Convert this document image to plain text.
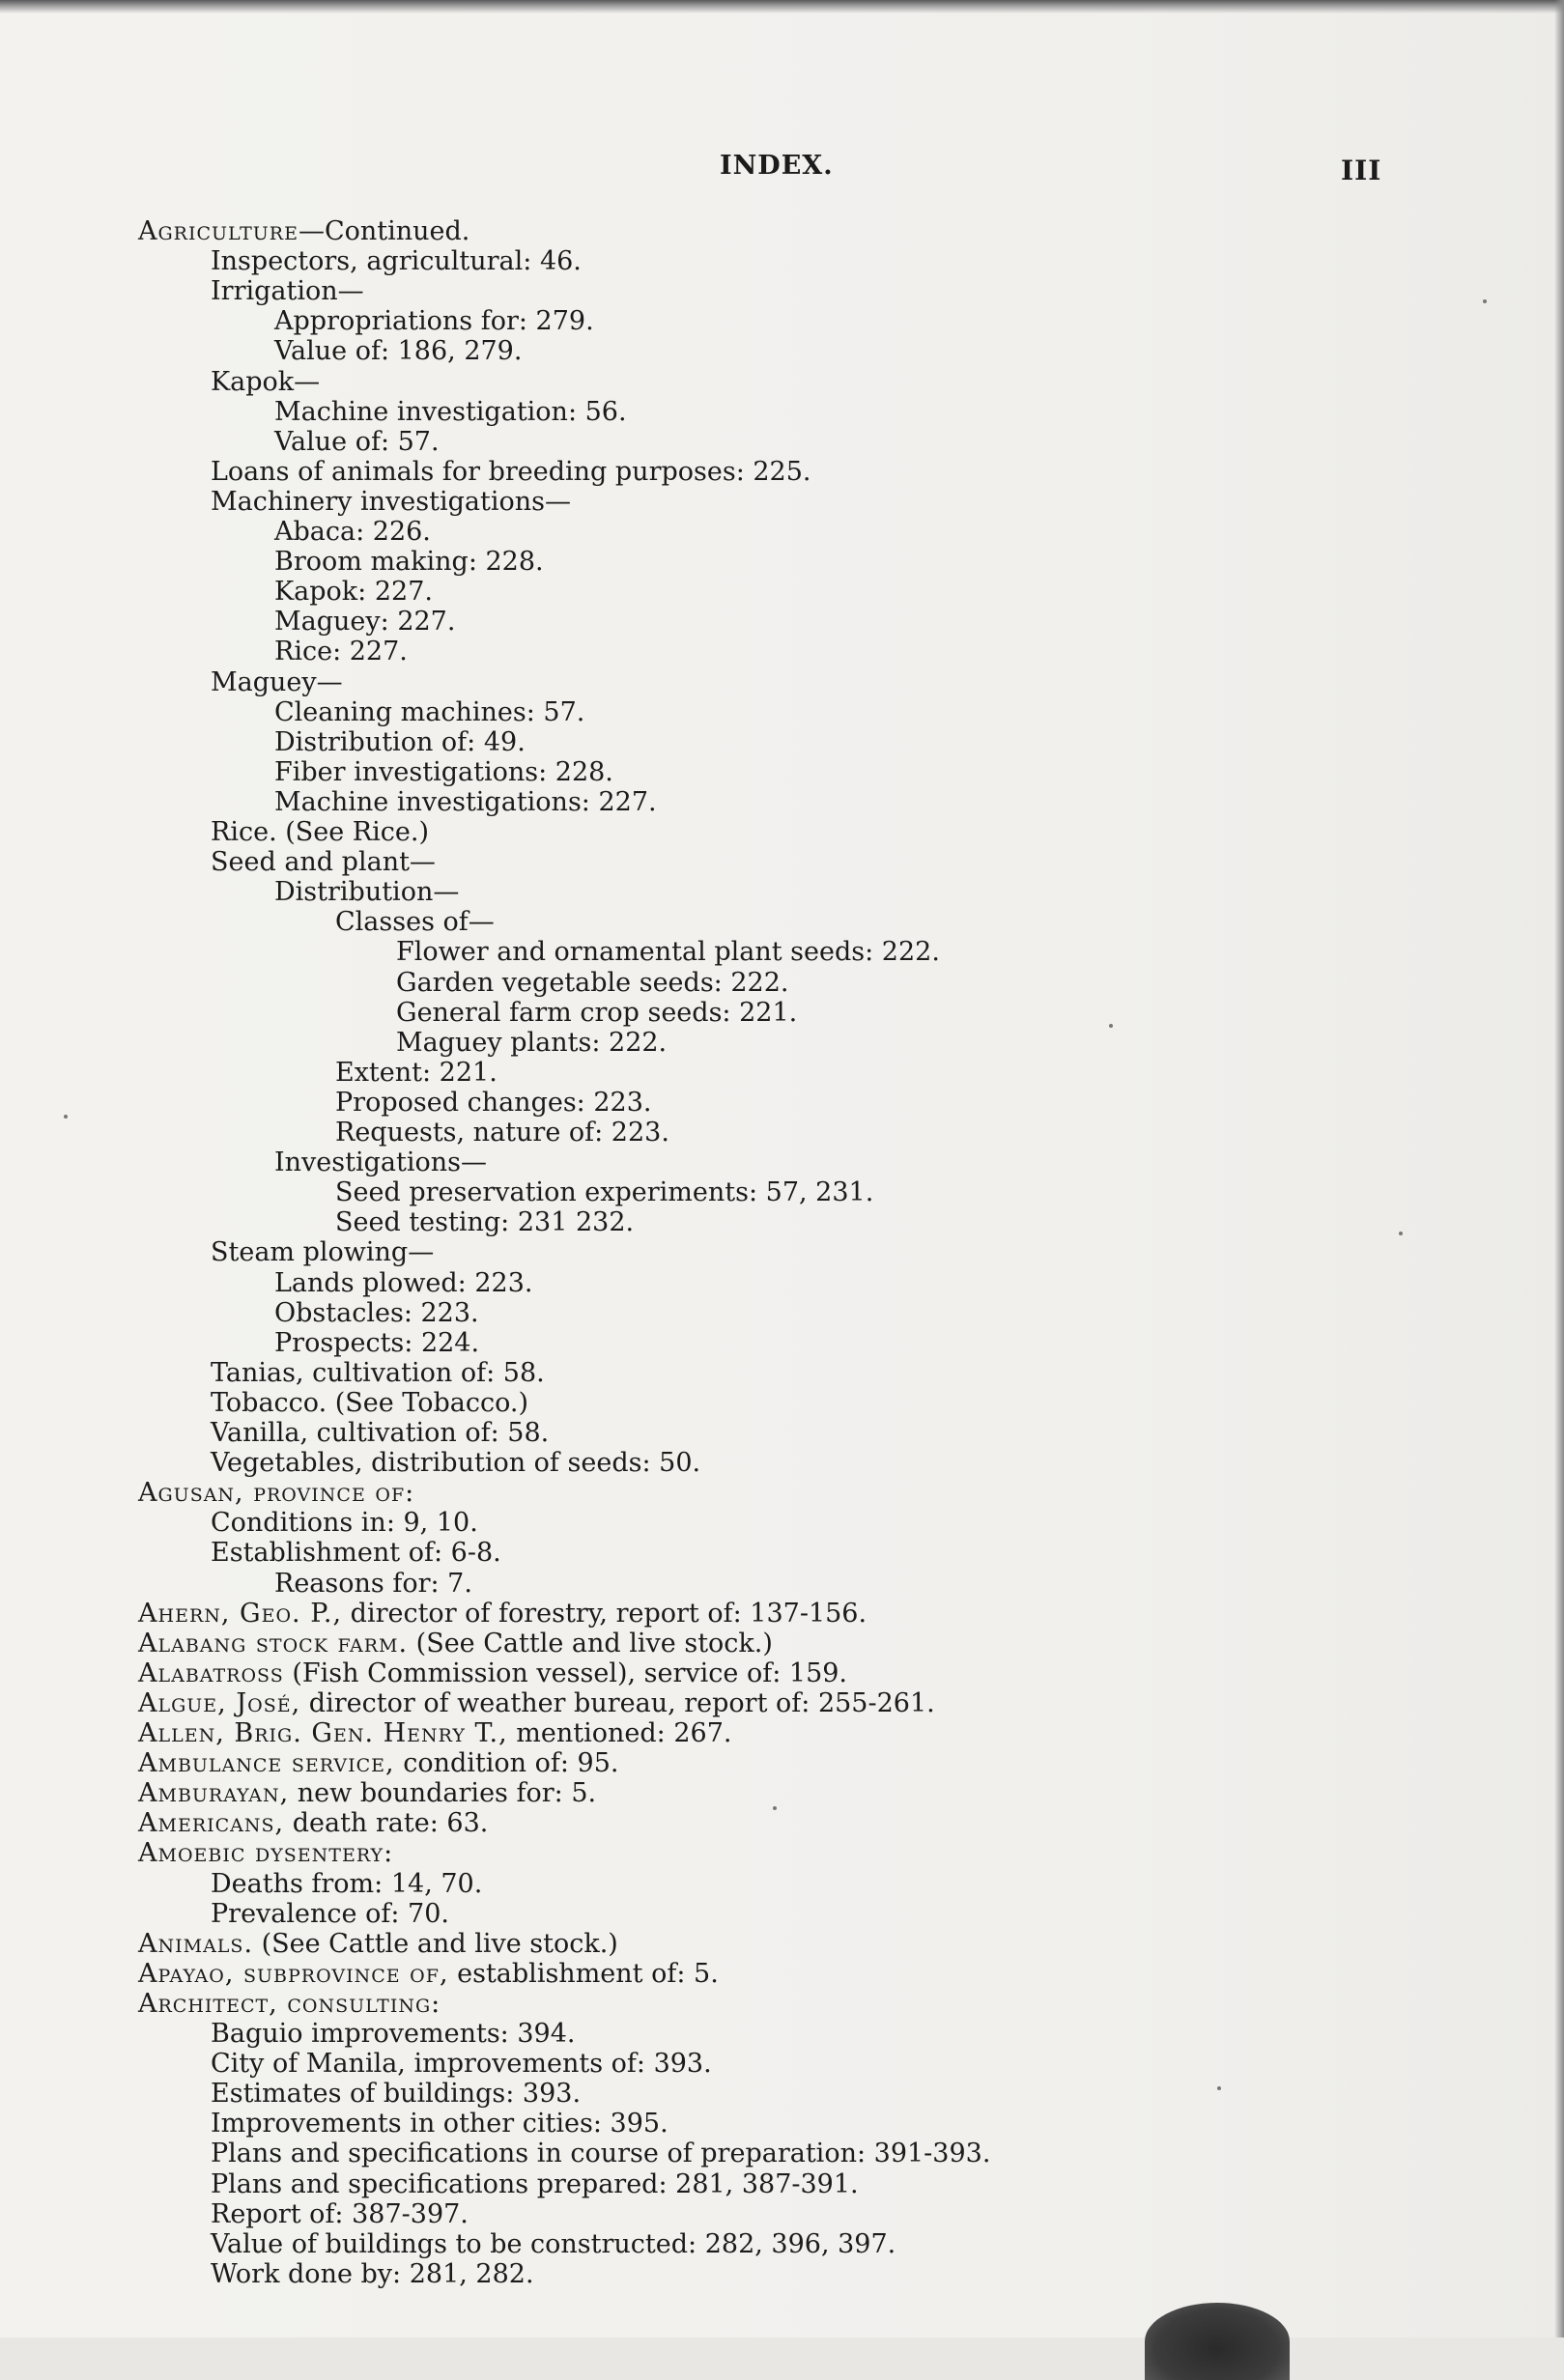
INDEX.	III
Agriculture—Continued.
Inspectors, agricultural: 46.
Irrigation—
Appropriations for: 279.
Value of: 186, 279.
Kapok—
Machine investigation: 56.
Value of: 57.
Loans of animals for breeding purposes: 225.
Machinery investigations—
Abaca: 226.
Broom making: 228.
Kapok: 227.
Maguey: 227.
Rice: 227.
Maguey—
Cleaning machines: 57.
Distribution of: 49.
Fiber investigations: 228.
Machine investigations: 227.
Rice. (See Rice.)
Seed and plant—
Distribution—
Classes of—
Flower and ornamental plant seeds: 222.
Garden vegetable seeds: 222.
General farm crop seeds: 221.
Maguey plants: 222.
Extent: 221.
Proposed changes: 223.
Requests, nature of: 223.
Investigations—
Seed preservation experiments: 57, 231.
Seed testing: 231 232.
Steam plowing—
Lands plowed: 223.
Obstacles: 223.
Prospects: 224.
Tanias, cultivation of: 58.
Tobacco. (See Tobacco.)
Vanilla, cultivation of: 58.
Vegetables, distribution of seeds: 50.
Agusan, province of:
Conditions in: 9, 10.
Establishment of: 6-8.
Reasons for: 7.
Ahern, Geo. P., director of forestry, report of: 137-156.
Alabang stock farm. (See Cattle and live stock.)
Alabatross (Fish Commission vessel), service of: 159.
Algue, José, director of weather bureau, report of: 255-261.
Allen, Brig. Gen. Henry T., mentioned: 267.
Ambulance service, condition of: 95.
Amburayan, new boundaries for: 5.
Americans, death rate: 63.
Amoebic dysentery:
Deaths from: 14, 70.
Prevalence of: 70.
Animals. (See Cattle and live stock.)
Apayao, subprovince of, establishment of: 5.
Architect, consulting:
Baguio improvements: 394.
City of Manila, improvements of: 393.
Estimates of buildings: 393.
Improvements in other cities: 395.
Plans and specifications in course of preparation: 391-393.
Plans and specifications prepared: 281, 387-391.
Report of: 387-397.
Value of buildings to be constructed: 282, 396, 397.
Work done by: 281, 282.
